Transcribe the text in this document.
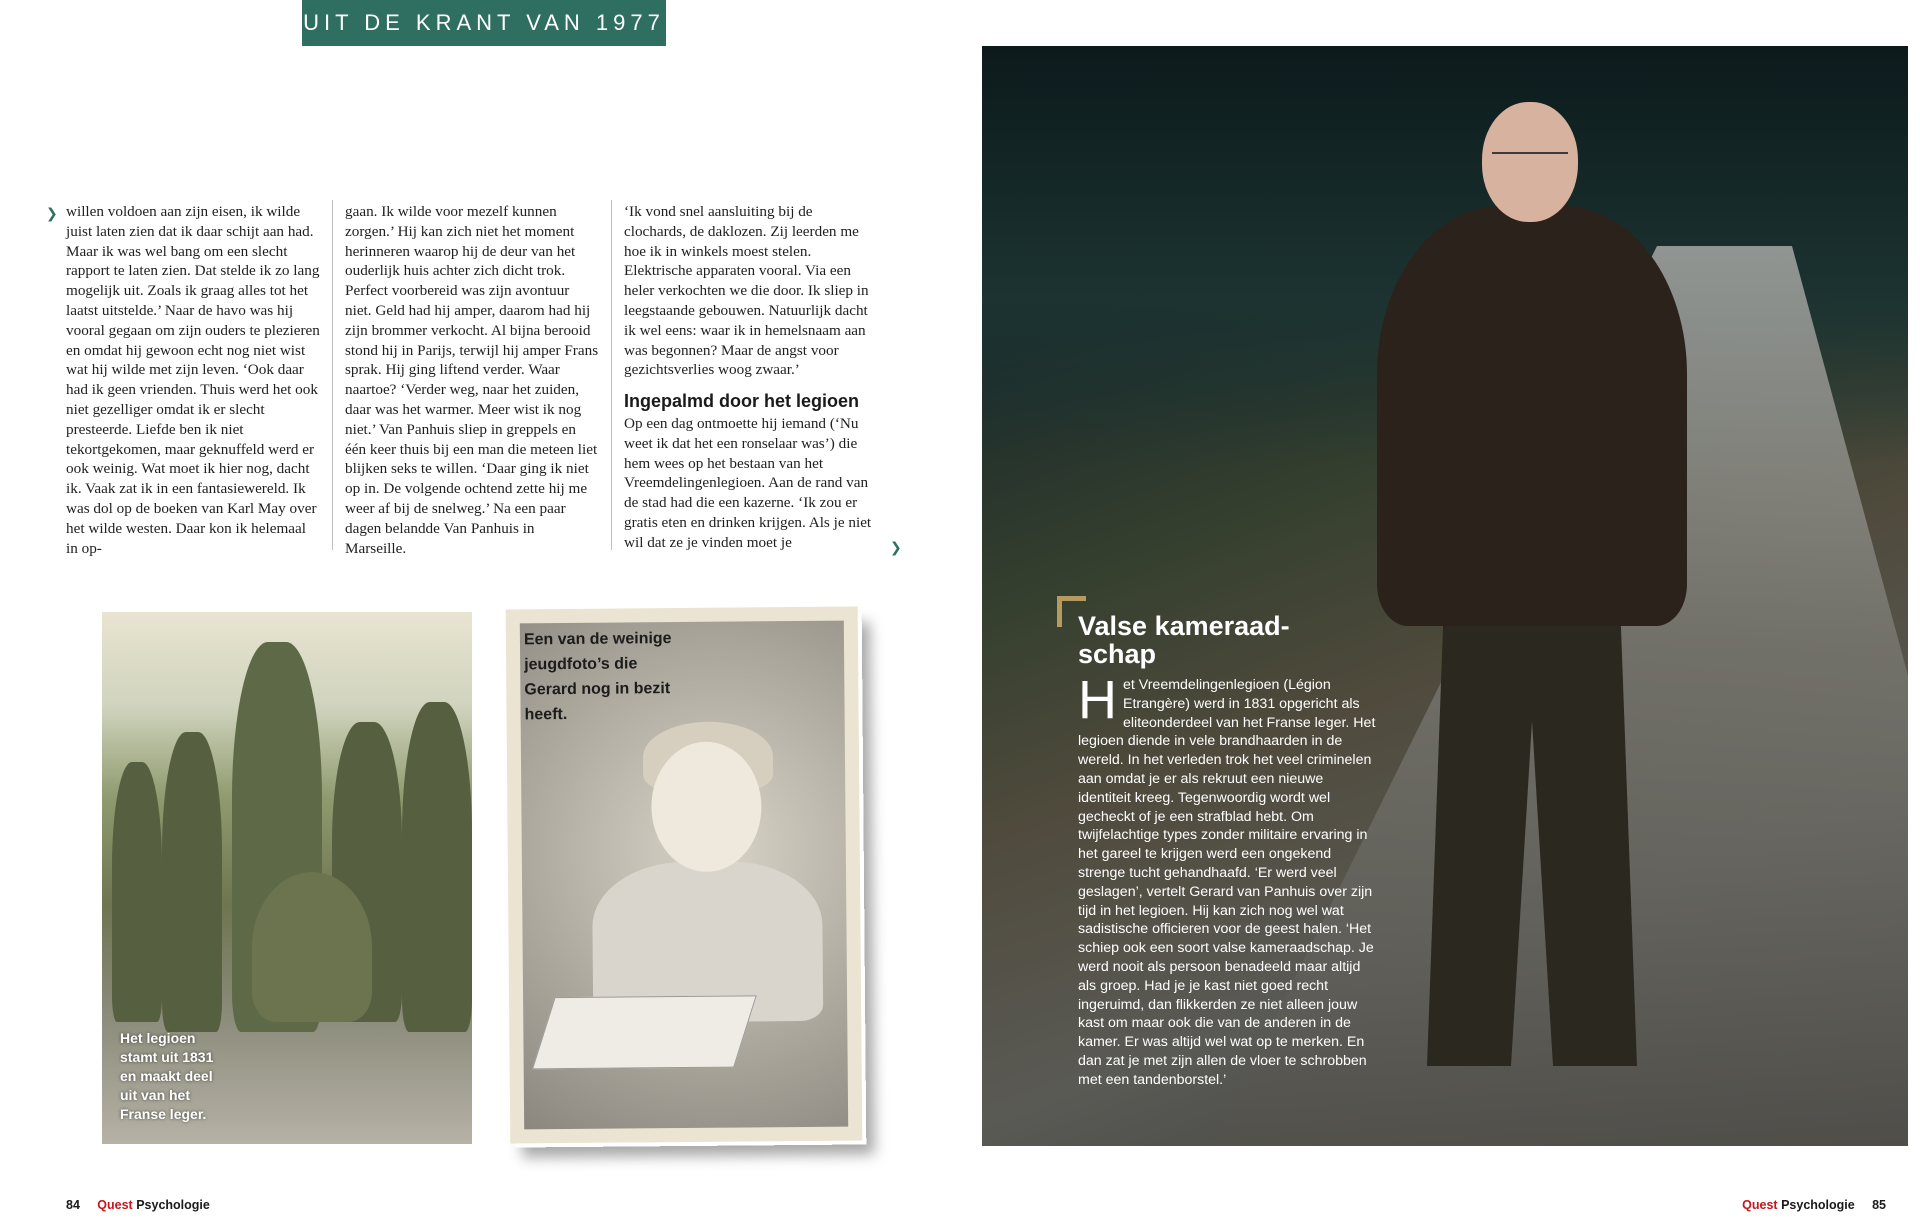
UIT DE KRANT VAN 1977
❯ willen voldoen aan zijn eisen, ik wilde juist laten zien dat ik daar schijt aan had. Maar ik was wel bang om een slecht rapport te laten zien. Dat stelde ik zo lang mogelijk uit. Zoals ik graag alles tot het laatst uitstelde.’ Naar de havo was hij vooral gegaan om zijn ouders te plezieren en omdat hij gewoon echt nog niet wist wat hij wilde met zijn leven. ‘Ook daar had ik geen vrienden. Thuis werd het ook niet gezelliger omdat ik er slecht presteerde. Liefde ben ik niet tekortgekomen, maar geknuffeld werd er ook weinig. Wat moet ik hier nog, dacht ik. Vaak zat ik in een fantasiewereld. Ik was dol op de boeken van Karl May over het wilde westen. Daar kon ik helemaal in op-

gaan. Ik wilde voor mezelf kunnen zorgen.’ Hij kan zich niet het moment herinneren waarop hij de deur van het ouderlijk huis achter zich dicht trok. Perfect voorbereid was zijn avontuur niet. Geld had hij amper, daarom had hij zijn brommer verkocht. Al bijna berooid stond hij in Parijs, terwijl hij amper Frans sprak. Hij ging liftend verder. Waar naartoe? ‘Verder weg, naar het zuiden, daar was het warmer. Meer wist ik nog niet.’ Van Panhuis sliep in greppels en één keer thuis bij een man die meteen liet blijken seks te willen. ‘Daar ging ik niet op in. De volgende ochtend zette hij me weer af bij de snelweg.’ Na een paar dagen belandde Van Panhuis in Marseille.

‘Ik vond snel aansluiting bij de clochards, de daklozen. Zij leerden me hoe ik in winkels moest stelen. Elektrische apparaten vooral. Via een heler verkochten we die door. Ik sliep in leegstaande gebouwen. Natuurlijk dacht ik wel eens: waar ik in hemelsnaam aan was begonnen? Maar de angst voor gezichtsverlies woog zwaar.’

Ingepalmd door het legioen

Op een dag ontmoette hij iemand (‘Nu weet ik dat het een ronselaar was’) die hem wees op het bestaan van het Vreemdelingenlegioen. Aan de rand van de stad had die een kazerne. ‘Ik zou er gratis eten en drinken krijgen. Als je niet wil dat ze je vinden moet je	❯
Het legioen stamt uit 1831 en maakt deel uit van het Franse leger.
Een van de weinige jeugdfoto’s die Gerard nog in bezit heeft.
84 Quest Psychologie
Valse kameraad-schap
H et Vreemdelingenlegioen (Légion Etrangère) werd in 1831 opgericht als eliteonderdeel van het Franse leger. Het legioen diende in vele brandhaarden in de wereld. In het verleden trok het veel criminelen aan omdat je er als rekruut een nieuwe identiteit kreeg. Tegenwoordig wordt wel gecheckt of je een strafblad hebt. Om twijfelachtige types zonder militaire ervaring in het gareel te krijgen werd een ongekend strenge tucht gehandhaafd. ‘Er werd veel geslagen’, vertelt Gerard van Panhuis over zijn tijd in het legioen. Hij kan zich nog wel wat sadistische officieren voor de geest halen. ‘Het schiep ook een soort valse kameraadschap. Je werd nooit als persoon benadeeld maar altijd als groep. Had je je kast niet goed recht ingeruimd, dan flikkerden ze niet alleen jouw kast om maar ook die van de anderen in de kamer. Er was altijd wel wat op te merken. En dan zat je met zijn allen de vloer te schrobben met een tandenborstel.’
Quest Psychologie 85
